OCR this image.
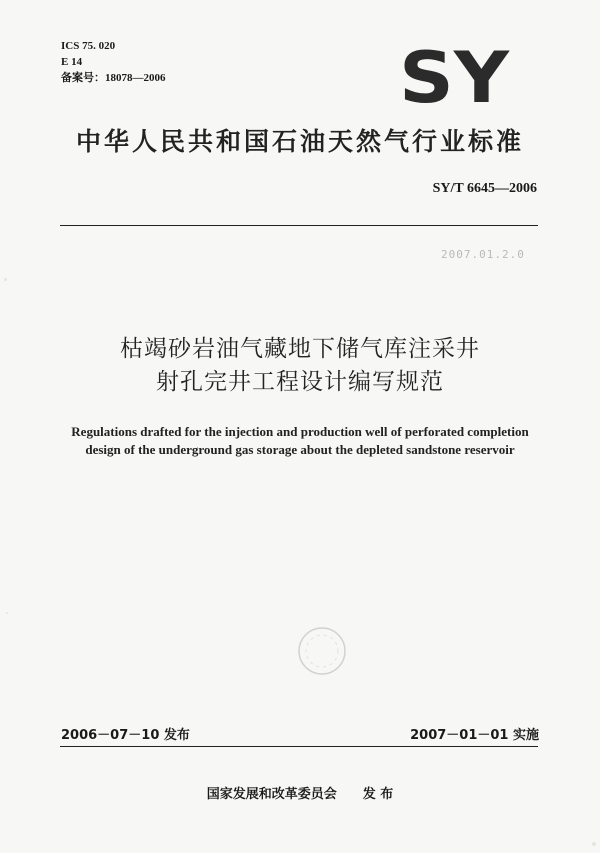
ICS 75. 020
E 14
备案号：18078—2006	SY
中华人民共和国石油天然气行业标准
SY/T 6645—2006
2007.01.2.0
枯竭砂岩油气藏地下储气库注采井
射孔完井工程设计编写规范
Regulations drafted for the injection and production well of perforated completion
design of the underground gas storage about the depleted sandstone reservoir
2006－07－10 发布	2007－01－01 实施
国家发展和改革委员会 发 布
